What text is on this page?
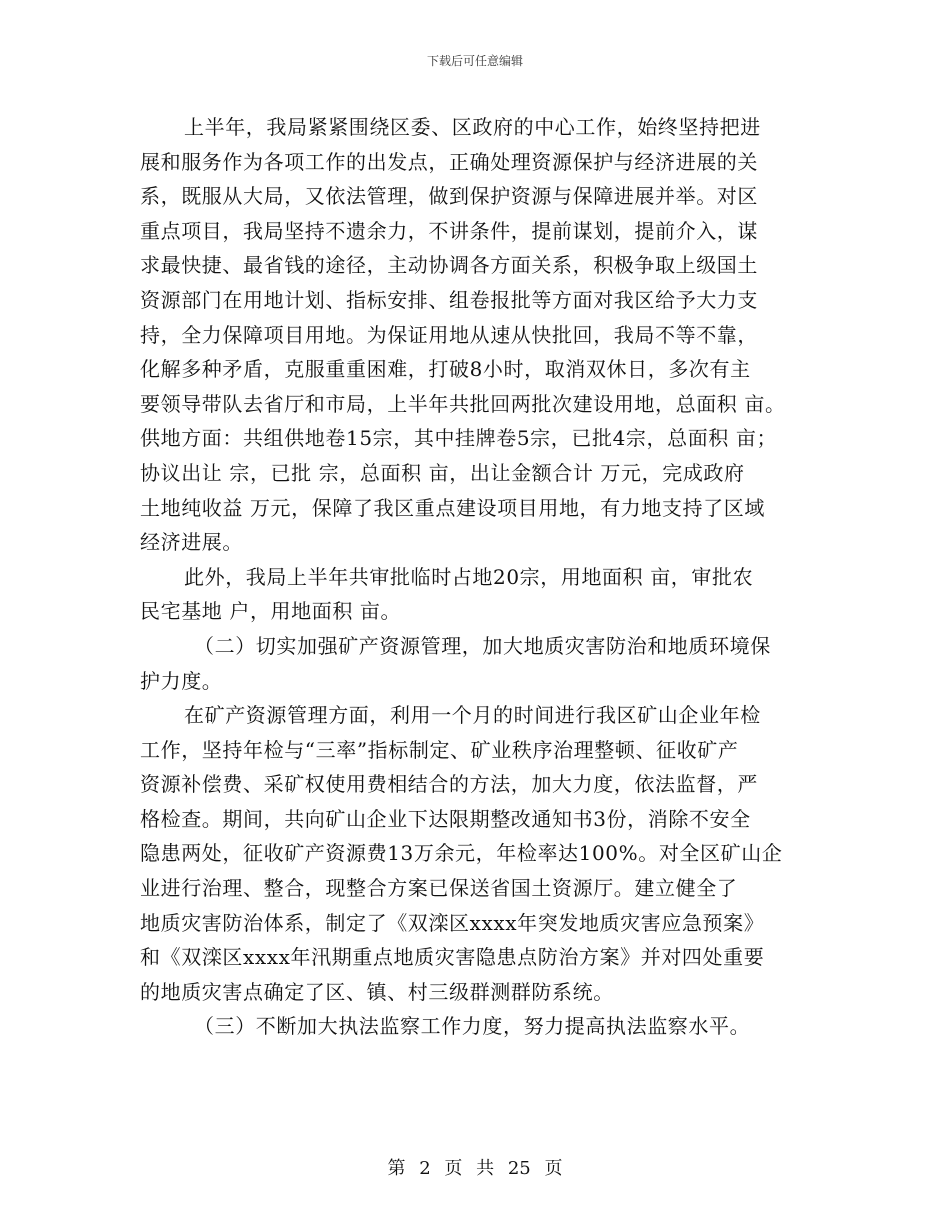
下载后可任意编辑
上半年，我局紧紧围绕区委、区政府的中心工作，始终坚持把进
展和服务作为各项工作的出发点，正确处理资源保护与经济进展的关
系，既服从大局，又依法管理，做到保护资源与保障进展并举。对区
重点项目，我局坚持不遗余力，不讲条件，提前谋划，提前介入，谋
求最快捷、最省钱的途径，主动协调各方面关系，积极争取上级国土
资源部门在用地计划、指标安排、组卷报批等方面对我区给予大力支
持，全力保障项目用地。为保证用地从速从快批回，我局不等不靠，
化解多种矛盾，克服重重困难，打破8小时，取消双休日，多次有主
要领导带队去省厅和市局，上半年共批回两批次建设用地，总面积 亩。
供地方面：共组供地卷15宗，其中挂牌卷5宗，已批4宗，总面积 亩；
协议出让 宗，已批 宗，总面积 亩，出让金额合计 万元，完成政府
土地纯收益 万元，保障了我区重点建设项目用地，有力地支持了区域
经济进展。
此外，我局上半年共审批临时占地20宗，用地面积 亩，审批农
民宅基地 户，用地面积 亩。
（二）切实加强矿产资源管理，加大地质灾害防治和地质环境保
护力度。
在矿产资源管理方面，利用一个月的时间进行我区矿山企业年检
工作，坚持年检与“三率”指标制定、矿业秩序治理整顿、征收矿产
资源补偿费、采矿权使用费相结合的方法，加大力度，依法监督，严
格检查。期间，共向矿山企业下达限期整改通知书3份，消除不安全
隐患两处，征收矿产资源费13万余元，年检率达100%。对全区矿山企
业进行治理、整合，现整合方案已保送省国土资源厅。建立健全了
地质灾害防治体系，制定了《双滦区xxxx年突发地质灾害应急预案》
和《双滦区xxxx年汛期重点地质灾害隐患点防治方案》并对四处重要
的地质灾害点确定了区、镇、村三级群测群防系统。
（三）不断加大执法监察工作力度，努力提高执法监察水平。
第 2 页 共 25 页
